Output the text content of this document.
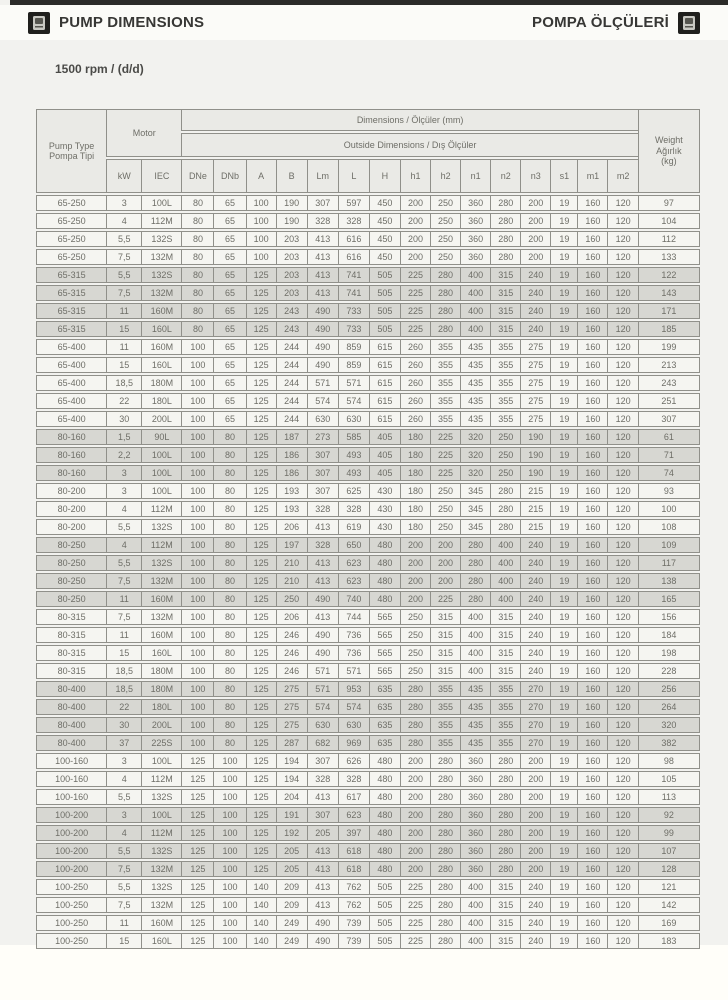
PUMP DIMENSIONS	POMPA ÖLÇÜLERİ
1500 rpm / (d/d)
Pump Type
Pompa Tipi	Motor		Dimensions / Ölçüler (mm)															Weight
Ağırlık
(kg)

			Outside Dimensions / Dış Ölçüler															
	kW	IEC	DNe	DNb	A	B	Lm	L	H	h1	h2	n1	n2	n3	s1	m1	m2	
65-250	3	100L	80	65	100	190	307	597	450	200	250	360	280	200	19	160	120	97
65-250	4	112M	80	65	100	190	328	328	450	200	250	360	280	200	19	160	120	104
65-250	5,5	132S	80	65	100	203	413	616	450	200	250	360	280	200	19	160	120	112
65-250	7,5	132M	80	65	100	203	413	616	450	200	250	360	280	200	19	160	120	133
65-315	5,5	132S	80	65	125	203	413	741	505	225	280	400	315	240	19	160	120	122
65-315	7,5	132M	80	65	125	203	413	741	505	225	280	400	315	240	19	160	120	143
65-315	11	160M	80	65	125	243	490	733	505	225	280	400	315	240	19	160	120	171
65-315	15	160L	80	65	125	243	490	733	505	225	280	400	315	240	19	160	120	185
65-400	11	160M	100	65	125	244	490	859	615	260	355	435	355	275	19	160	120	199
65-400	15	160L	100	65	125	244	490	859	615	260	355	435	355	275	19	160	120	213
65-400	18,5	180M	100	65	125	244	571	571	615	260	355	435	355	275	19	160	120	243
65-400	22	180L	100	65	125	244	574	574	615	260	355	435	355	275	19	160	120	251
65-400	30	200L	100	65	125	244	630	630	615	260	355	435	355	275	19	160	120	307
80-160	1,5	90L	100	80	125	187	273	585	405	180	225	320	250	190	19	160	120	61
80-160	2,2	100L	100	80	125	186	307	493	405	180	225	320	250	190	19	160	120	71
80-160	3	100L	100	80	125	186	307	493	405	180	225	320	250	190	19	160	120	74
80-200	3	100L	100	80	125	193	307	625	430	180	250	345	280	215	19	160	120	93
80-200	4	112M	100	80	125	193	328	328	430	180	250	345	280	215	19	160	120	100
80-200	5,5	132S	100	80	125	206	413	619	430	180	250	345	280	215	19	160	120	108
80-250	4	112M	100	80	125	197	328	650	480	200	200	280	400	240	19	160	120	109
80-250	5,5	132S	100	80	125	210	413	623	480	200	200	280	400	240	19	160	120	117
80-250	7,5	132M	100	80	125	210	413	623	480	200	200	280	400	240	19	160	120	138
80-250	11	160M	100	80	125	250	490	740	480	200	225	280	400	240	19	160	120	165
80-315	7,5	132M	100	80	125	206	413	744	565	250	315	400	315	240	19	160	120	156
80-315	11	160M	100	80	125	246	490	736	565	250	315	400	315	240	19	160	120	184
80-315	15	160L	100	80	125	246	490	736	565	250	315	400	315	240	19	160	120	198
80-315	18,5	180M	100	80	125	246	571	571	565	250	315	400	315	240	19	160	120	228
80-400	18,5	180M	100	80	125	275	571	953	635	280	355	435	355	270	19	160	120	256
80-400	22	180L	100	80	125	275	574	574	635	280	355	435	355	270	19	160	120	264
80-400	30	200L	100	80	125	275	630	630	635	280	355	435	355	270	19	160	120	320
80-400	37	225S	100	80	125	287	682	969	635	280	355	435	355	270	19	160	120	382
100-160	3	100L	125	100	125	194	307	626	480	200	280	360	280	200	19	160	120	98
100-160	4	112M	125	100	125	194	328	328	480	200	280	360	280	200	19	160	120	105
100-160	5,5	132S	125	100	125	204	413	617	480	200	280	360	280	200	19	160	120	113
100-200	3	100L	125	100	125	191	307	623	480	200	280	360	280	200	19	160	120	92
100-200	4	112M	125	100	125	192	205	397	480	200	280	360	280	200	19	160	120	99
100-200	5,5	132S	125	100	125	205	413	618	480	200	280	360	280	200	19	160	120	107
100-200	7,5	132M	125	100	125	205	413	618	480	200	280	360	280	200	19	160	120	128
100-250	5,5	132S	125	100	140	209	413	762	505	225	280	400	315	240	19	160	120	121
100-250	7,5	132M	125	100	140	209	413	762	505	225	280	400	315	240	19	160	120	142
100-250	11	160M	125	100	140	249	490	739	505	225	280	400	315	240	19	160	120	169
100-250	15	160L	125	100	140	249	490	739	505	225	280	400	315	240	19	160	120	183
